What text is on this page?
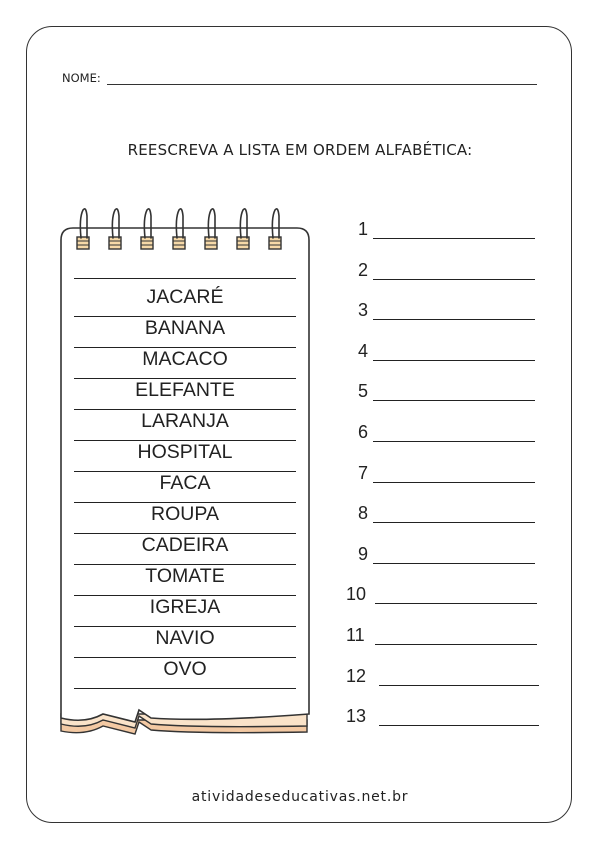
NOME:
REESCREVA A LISTA EM ORDEM ALFABÉTICA:
JACARÉ
BANANA
MACACO
ELEFANTE
LARANJA
HOSPITAL
FACA
ROUPA
CADEIRA
TOMATE
IGREJA
NAVIO
OVO
1
2
3
4
5
6
7
8
9
10
11
12
13
atividadeseducativas.net.br
